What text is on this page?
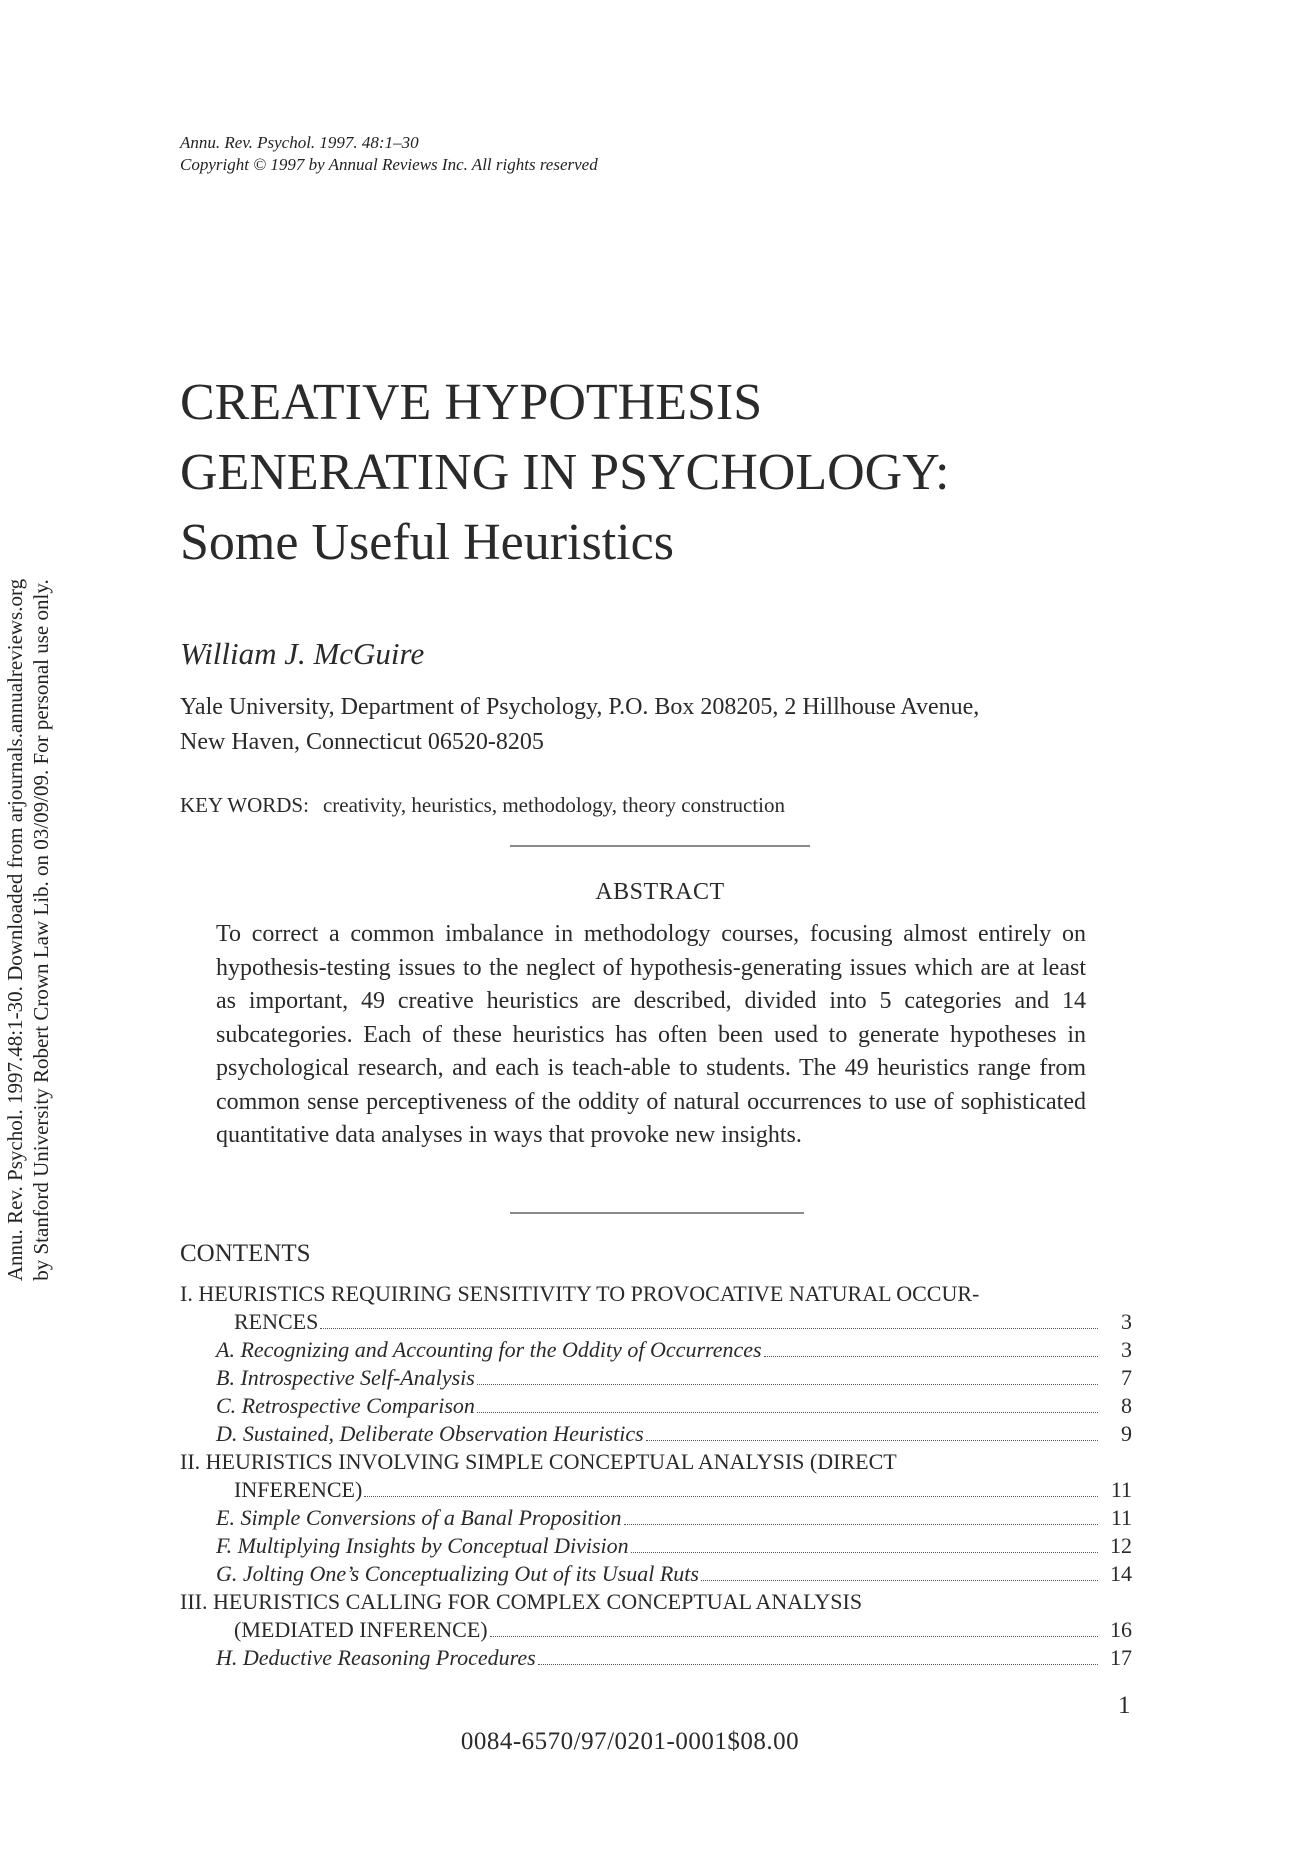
Annu. Rev. Psychol. 1997. 48:1–30
Copyright © 1997 by Annual Reviews Inc. All rights reserved
Annu. Rev. Psychol. 1997.48:1-30. Downloaded from arjournals.annualreviews.org by Stanford University Robert Crown Law Lib. on 03/09/09. For personal use only.
CREATIVE HYPOTHESIS
GENERATING IN PSYCHOLOGY:
Some Useful Heuristics
William J. McGuire
Yale University, Department of Psychology, P.O. Box 208205, 2 Hillhouse Avenue,
New Haven, Connecticut 06520-8205
KEY WORDS: creativity, heuristics, methodology, theory construction
ABSTRACT
To correct a common imbalance in methodology courses, focusing almost entirely on hypothesis-testing issues to the neglect of hypothesis-generating issues which are at least as important, 49 creative heuristics are described, divided into 5 categories and 14 subcategories. Each of these heuristics has often been used to generate hypotheses in psychological research, and each is teach-able to students. The 49 heuristics range from common sense perceptiveness of the oddity of natural occurrences to use of sophisticated quantitative data analyses in ways that provoke new insights.
CONTENTS
I. HEURISTICS REQUIRING SENSITIVITY TO PROVOCATIVE NATURAL OCCUR-
RENCES	3
A. Recognizing and Accounting for the Oddity of Occurrences	3
B. Introspective Self-Analysis	7
C. Retrospective Comparison	8
D. Sustained, Deliberate Observation Heuristics	9
II. HEURISTICS INVOLVING SIMPLE CONCEPTUAL ANALYSIS (DIRECT
INFERENCE)	11
E. Simple Conversions of a Banal Proposition	11
F. Multiplying Insights by Conceptual Division	12
G. Jolting One’s Conceptualizing Out of its Usual Ruts	14
III. HEURISTICS CALLING FOR COMPLEX CONCEPTUAL ANALYSIS
(MEDIATED INFERENCE)	16
H. Deductive Reasoning Procedures	17
1
0084-6570/97/0201-0001$08.00
